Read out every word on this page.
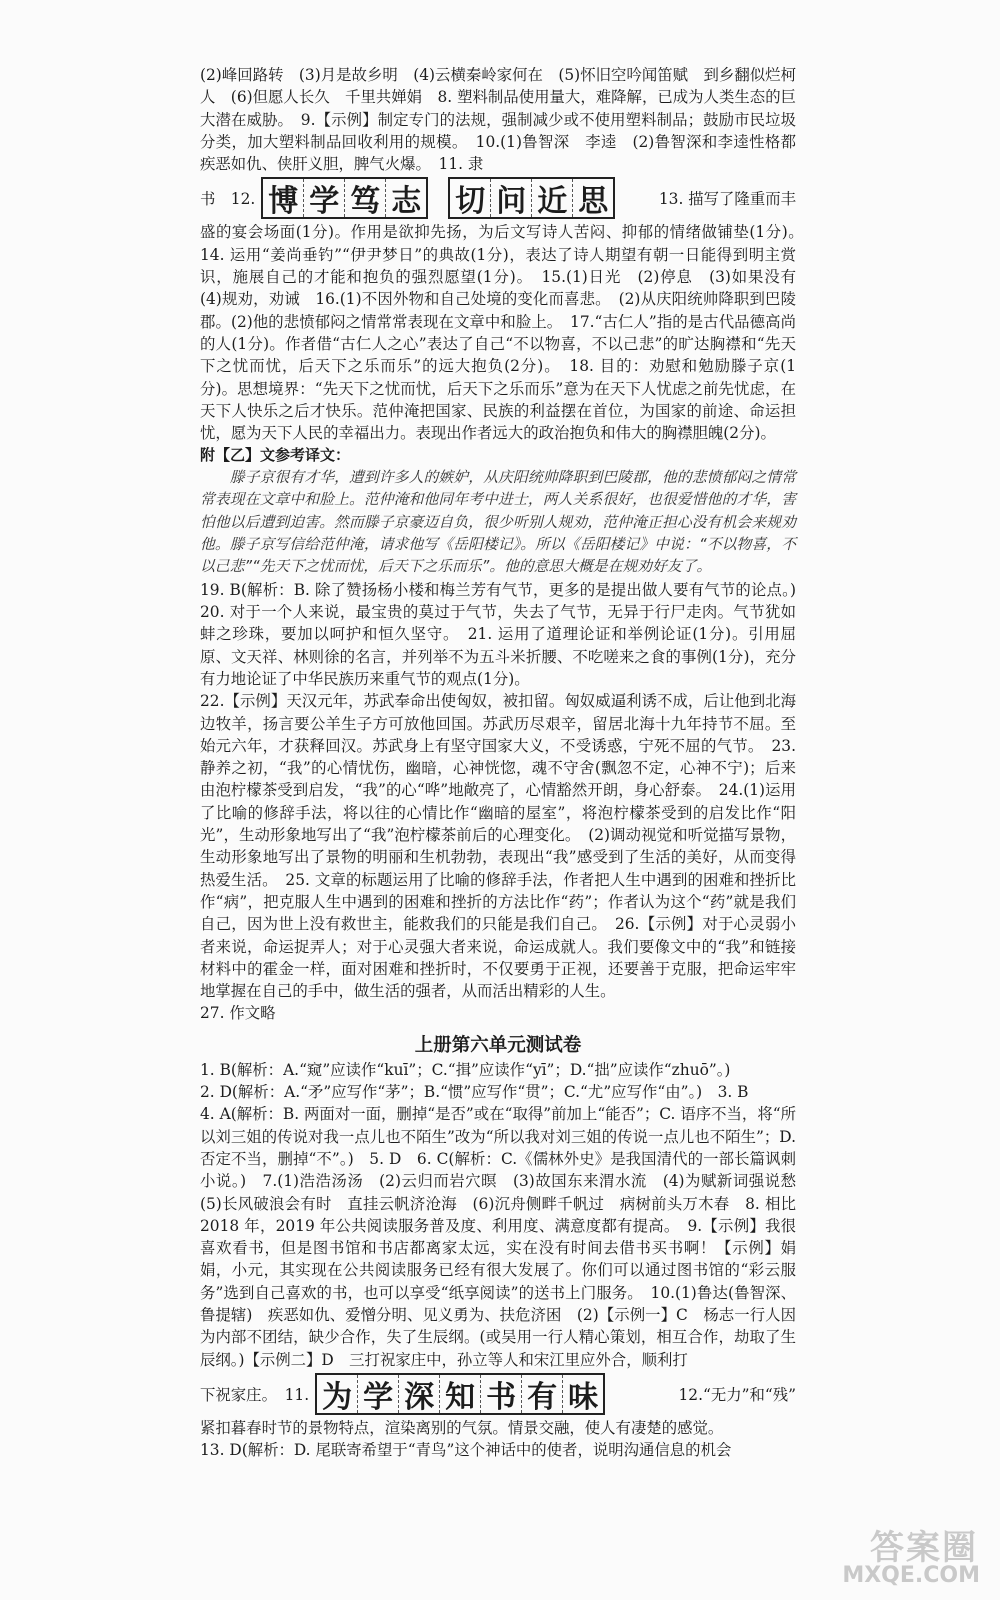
(2)峰回路转　(3)月是故乡明　(4)云横秦岭家何在　(5)怀旧空吟闻笛赋　到乡翻似烂柯人　(6)但愿人长久　千里共婵娟　8. 塑料制品使用量大，难降解，已成为人类生态的巨大潜在威胁。　9.【示例】制定专门的法规，强制减少或不使用塑料制品；鼓励市民垃圾分类，加大塑料制品回收利用的规模。　10.(1)鲁智深　李逵　(2)鲁智深和李逵性格都疾恶如仇、侠肝义胆，脾气火爆。　11. 隶

书　12. 博 学 笃 志 切 问 近 思	13. 描写了隆重而丰

盛的宴会场面(1分)。作用是欲抑先扬，为后文写诗人苦闷、抑郁的情绪做铺垫(1分)。　14. 运用“姜尚垂钓”“伊尹梦日”的典故(1分)，表达了诗人期望有朝一日能得到明主赏识，施展自己的才能和抱负的强烈愿望(1分)。　15.(1)日光　(2)停息　(3)如果没有　(4)规劝，劝诫　16.(1)不因外物和自己处境的变化而喜悲。　(2)从庆阳统帅降职到巴陵郡。(2)他的悲愤郁闷之情常常表现在文章中和脸上。　17.“古仁人”指的是古代品德高尚的人(1分)。作者借“古仁人之心”表达了自己“不以物喜，不以己悲”的旷达胸襟和“先天下之忧而忧，后天下之乐而乐”的远大抱负(2分)。　18. 目的：劝慰和勉励滕子京(1分)。思想境界：“先天下之忧而忧，后天下之乐而乐”意为在天下人忧虑之前先忧虑，在天下人快乐之后才快乐。范仲淹把国家、民族的利益摆在首位，为国家的前途、命运担忧，愿为天下人民的幸福出力。表现出作者远大的政治抱负和伟大的胸襟胆魄(2分)。

附【乙】文参考译文：

　　滕子京很有才华，遭到许多人的嫉妒，从庆阳统帅降职到巴陵郡，他的悲愤郁闷之情常常表现在文章中和脸上。范仲淹和他同年考中进士，两人关系很好，也很爱惜他的才华，害怕他以后遭到迫害。然而滕子京豪迈自负，很少听别人规劝，范仲淹正担心没有机会来规劝他。滕子京写信给范仲淹，请求他写《岳阳楼记》。所以《岳阳楼记》中说：“不以物喜，不以己悲”“先天下之忧而忧，后天下之乐而乐”。他的意思大概是在规劝好友了。

19. B(解析：B. 除了赞扬杨小楼和梅兰芳有气节，更多的是提出做人要有气节的论点。)　20. 对于一个人来说，最宝贵的莫过于气节，失去了气节，无异于行尸走肉。气节犹如蚌之珍珠，要加以呵护和恒久坚守。　21. 运用了道理论证和举例论证(1分)。引用屈原、文天祥、林则徐的名言，并列举不为五斗米折腰、不吃嗟来之食的事例(1分)，充分有力地论证了中华民族历来重气节的观点(1分)。

22.【示例】天汉元年，苏武奉命出使匈奴，被扣留。匈奴威逼利诱不成，后让他到北海边牧羊，扬言要公羊生子方可放他回国。苏武历尽艰辛，留居北海十九年持节不屈。至始元六年，才获释回汉。苏武身上有坚守国家大义，不受诱惑，宁死不屈的气节。　23. 静养之初，“我”的心情忧伤，幽暗，心神恍惚，魂不守舍(飘忽不定，心神不宁)；后来由泡柠檬茶受到启发，“我”的心“哗”地敞亮了，心情豁然开朗，身心舒泰。　24.(1)运用了比喻的修辞手法，将以往的心情比作“幽暗的屋室”，将泡柠檬茶受到的启发比作“阳光”，生动形象地写出了“我”泡柠檬茶前后的心理变化。　(2)调动视觉和听觉描写景物，生动形象地写出了景物的明丽和生机勃勃，表现出“我”感受到了生活的美好，从而变得热爱生活。　25. 文章的标题运用了比喻的修辞手法，作者把人生中遇到的困难和挫折比作“病”，把克服人生中遇到的困难和挫折的方法比作“药”；作者认为这个“药”就是我们自己，因为世上没有救世主，能救我们的只能是我们自己。　26.【示例】对于心灵弱小者来说，命运捉弄人；对于心灵强大者来说，命运成就人。我们要像文中的“我”和链接材料中的霍金一样，面对困难和挫折时，不仅要勇于正视，还要善于克服，把命运牢牢地掌握在自己的手中，做生活的强者，从而活出精彩的人生。

27. 作文略

上册第六单元测试卷

1. B(解析：A.“窥”应读作“kuī”；C.“揖”应读作“yī”；D.“拙”应读作“zhuō”。)

2. D(解析：A.“矛”应写作“茅”；B.“惯”应写作“贯”；C.“尤”应写作“由”。)　3. B

4. A(解析：B. 两面对一面，删掉“是否”或在“取得”前加上“能否”；C. 语序不当，将“所以刘三姐的传说对我一点儿也不陌生”改为“所以我对刘三姐的传说一点儿也不陌生”；D. 否定不当，删掉“不”。)　5. D　6. C(解析：C.《儒林外史》是我国清代的一部长篇讽刺小说。)　7.(1)浩浩汤汤　(2)云归而岩穴暝　(3)故国东来渭水流　(4)为赋新词强说愁　(5)长风破浪会有时　直挂云帆济沧海　(6)沉舟侧畔千帆过　病树前头万木春　8. 相比 2018 年，2019 年公共阅读服务普及度、利用度、满意度都有提高。　9.【示例】我很喜欢看书，但是图书馆和书店都离家太远，实在没有时间去借书买书啊！【示例】娟娟，小元，其实现在公共阅读服务已经有很大发展了。你们可以通过图书馆的“彩云服务”选到自己喜欢的书，也可以享受“纸享阅读”的送书上门服务。　10.(1)鲁达(鲁智深、鲁提辖)　疾恶如仇、爱憎分明、见义勇为、扶危济困　(2)【示例一】C　杨志一行人因为内部不团结，缺少合作，失了生辰纲。(或吴用一行人精心策划，相互合作，劫取了生辰纲。)【示例二】D　三打祝家庄中，孙立等人和宋江里应外合，顺利打

下祝家庄。　11. 为 学 深 知 书 有 味	12.“无力”和“残”

紧扣暮春时节的景物特点，渲染离别的气氛。情景交融，使人有凄楚的感觉。

13. D(解析：D. 尾联寄希望于“青鸟”这个神话中的使者，说明沟通信息的机会

答案圈
MXQE.COM
